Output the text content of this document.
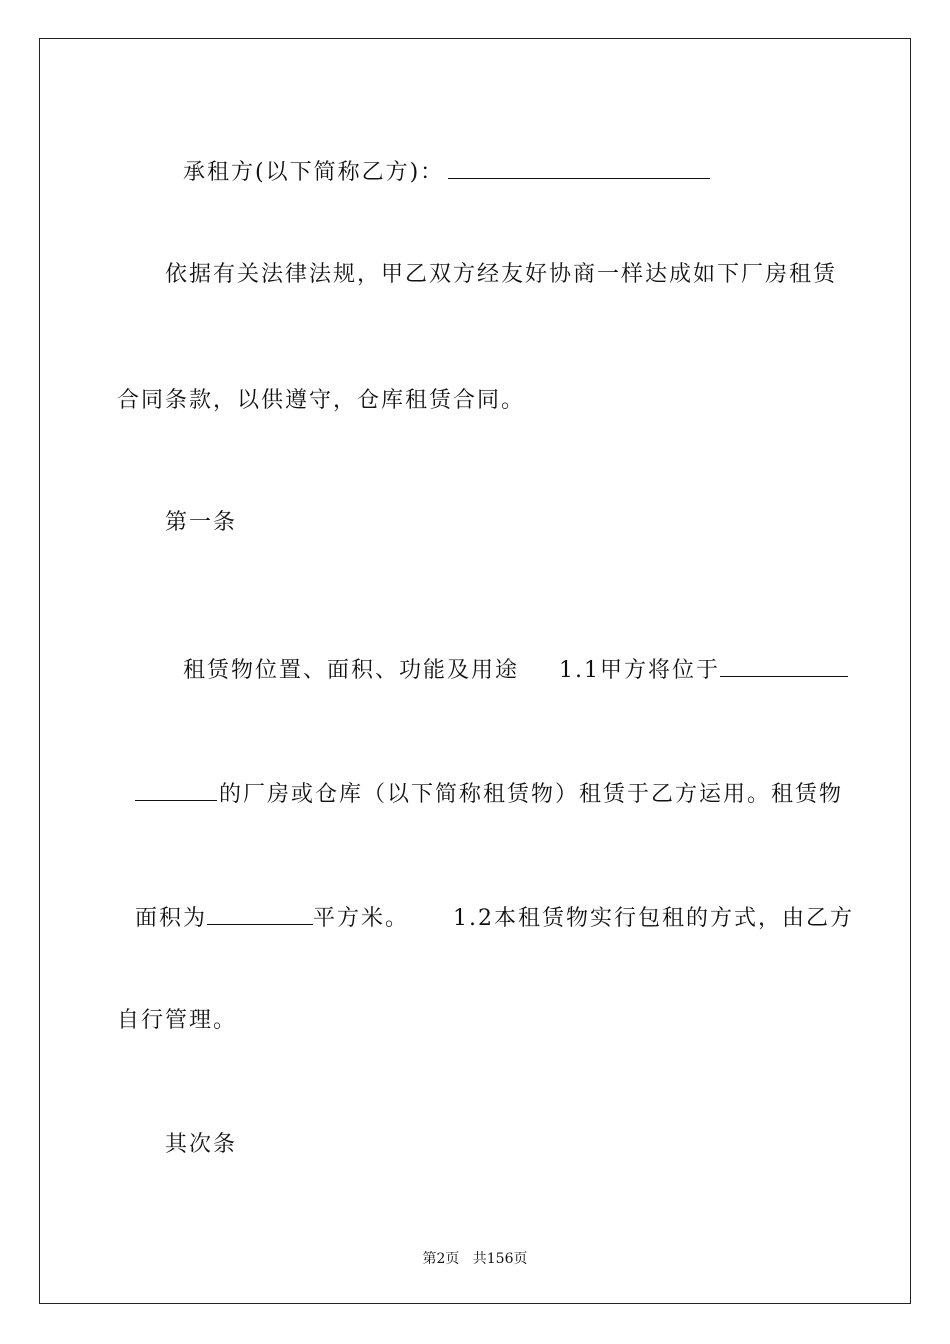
承租方(以下简称乙方)：

依据有关法律法规，甲乙双方经友好协商一样达成如下厂房租赁
合同条款，以供遵守，仓库租赁合同。
第一条

租赁物位置、面积、功能及用途 1.1甲方将位于

的厂房或仓库（以下简称租赁物）租赁于乙方运用。租赁物

面积为	平方米。 1.2本租赁物实行包租的方式，由乙方

自行管理。
其次条
第2页 共156页
